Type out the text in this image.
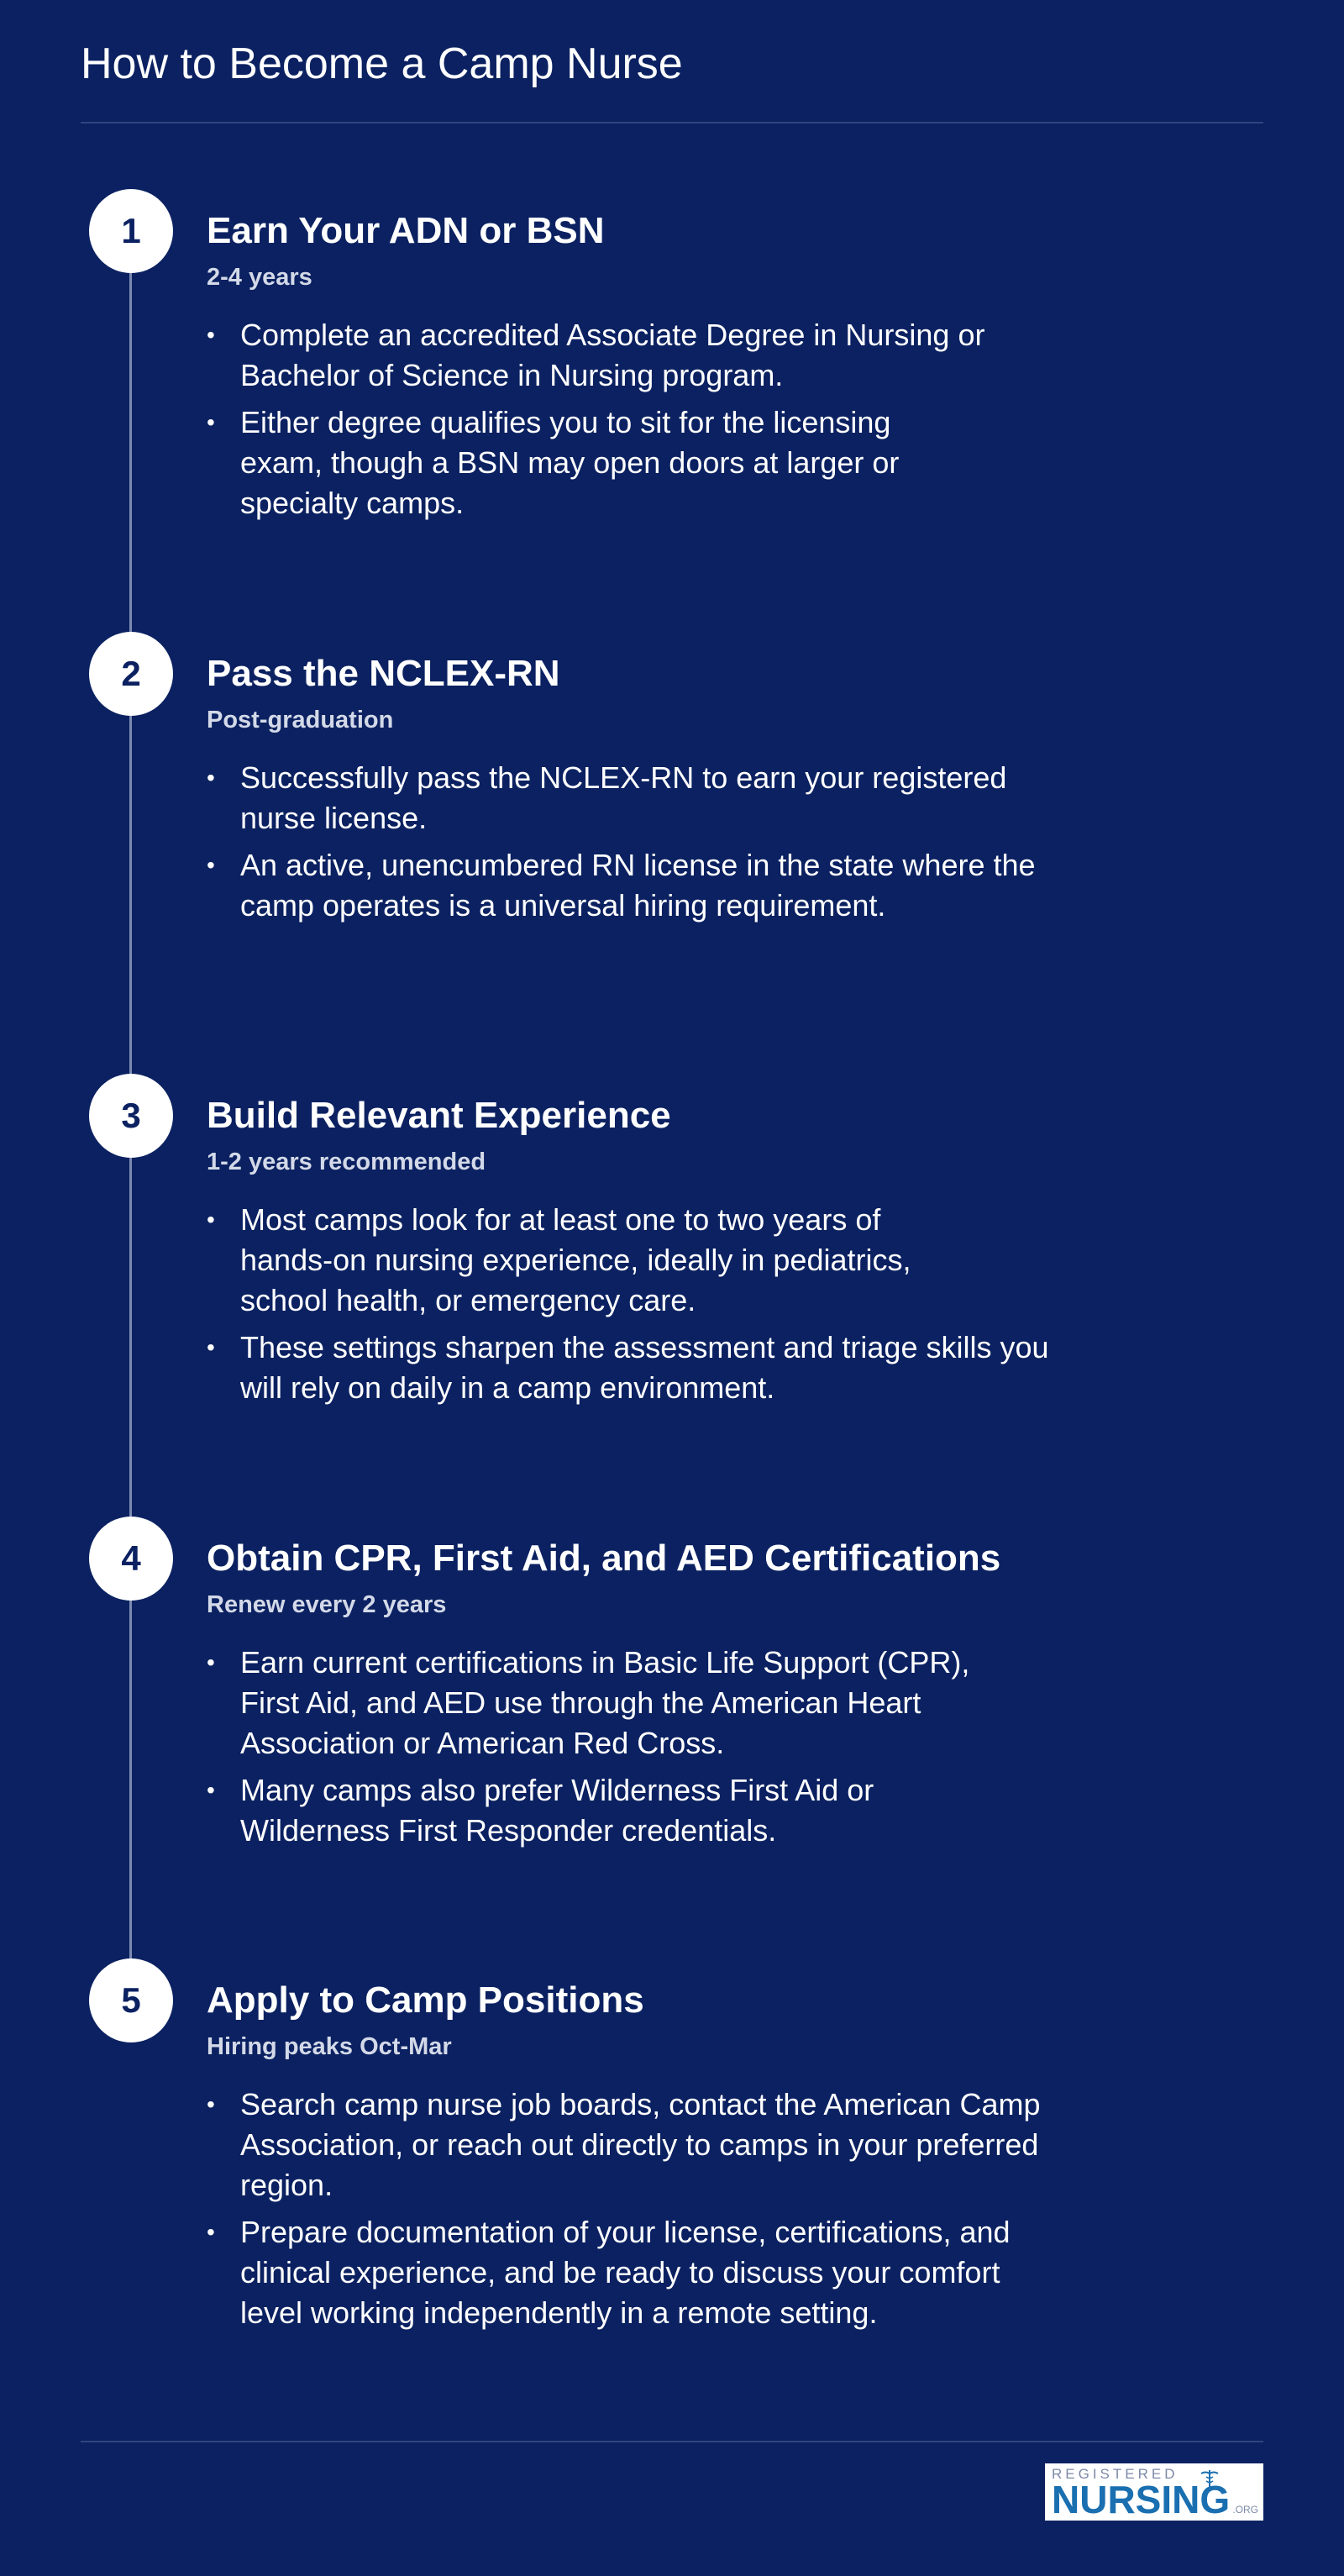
How to Become a Camp Nurse
1	Earn Your ADN or BSN
2-4 years
• Complete an accredited Associate Degree in Nursing or Bachelor of Science in Nursing program.
• Either degree qualifies you to sit for the licensing exam, though a BSN may open doors at larger or specialty camps.
2	Pass the NCLEX-RN
Post-graduation
• Successfully pass the NCLEX-RN to earn your registered nurse license.
• An active, unencumbered RN license in the state where the camp operates is a universal hiring requirement.
3	Build Relevant Experience
1-2 years recommended
• Most camps look for at least one to two years of hands-on nursing experience, ideally in pediatrics, school health, or emergency care.
• These settings sharpen the assessment and triage skills you will rely on daily in a camp environment.
4	Obtain CPR, First Aid, and AED Certifications
Renew every 2 years
• Earn current certifications in Basic Life Support (CPR), First Aid, and AED use through the American Heart Association or American Red Cross.
• Many camps also prefer Wilderness First Aid or Wilderness First Responder credentials.
5	Apply to Camp Positions
Hiring peaks Oct-Mar
• Search camp nurse job boards, contact the American Camp Association, or reach out directly to camps in your preferred region.
• Prepare documentation of your license, certifications, and clinical experience, and be ready to discuss your comfort level working independently in a remote setting.
REGISTERED
NURSING .ORG
